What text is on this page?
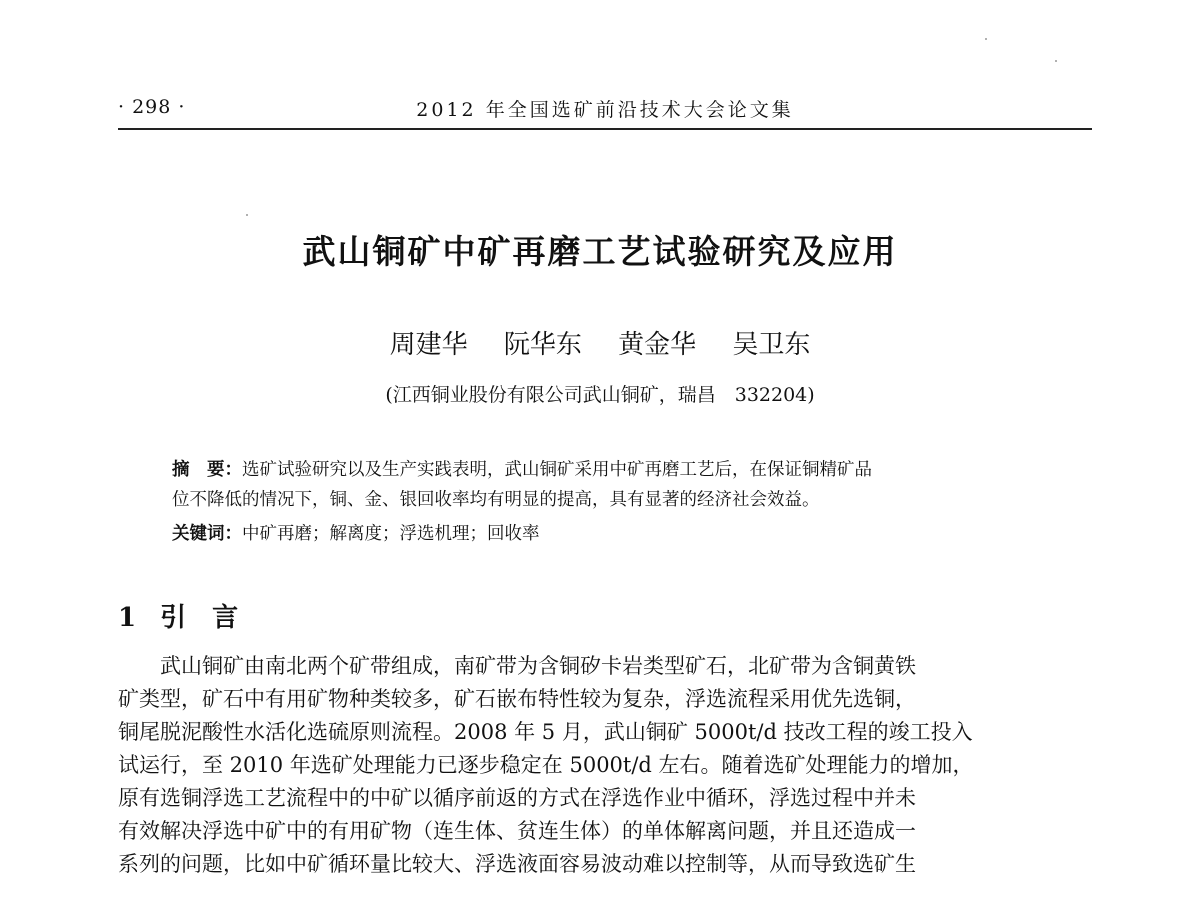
· 298 ·	2012 年全国选矿前沿技术大会论文集
武山铜矿中矿再磨工艺试验研究及应用
周建华 阮华东 黄金华 吴卫东
(江西铜业股份有限公司武山铜矿，瑞昌　332204)
摘　要：选矿试验研究以及生产实践表明，武山铜矿采用中矿再磨工艺后，在保证铜精矿品
位不降低的情况下，铜、金、银回收率均有明显的提高，具有显著的经济社会效益。
关键词：中矿再磨；解离度；浮选机理；回收率
1 引言
武山铜矿由南北两个矿带组成，南矿带为含铜矽卡岩类型矿石，北矿带为含铜黄铁
矿类型，矿石中有用矿物种类较多，矿石嵌布特性较为复杂，浮选流程采用优先选铜，
铜尾脱泥酸性水活化选硫原则流程。2008 年 5 月，武山铜矿 5000t/d 技改工程的竣工投入
试运行，至 2010 年选矿处理能力已逐步稳定在 5000t/d 左右。随着选矿处理能力的增加，
原有选铜浮选工艺流程中的中矿以循序前返的方式在浮选作业中循环，浮选过程中并未
有效解决浮选中矿中的有用矿物（连生体、贫连生体）的单体解离问题，并且还造成一
系列的问题，比如中矿循环量比较大、浮选液面容易波动难以控制等，从而导致选矿生
